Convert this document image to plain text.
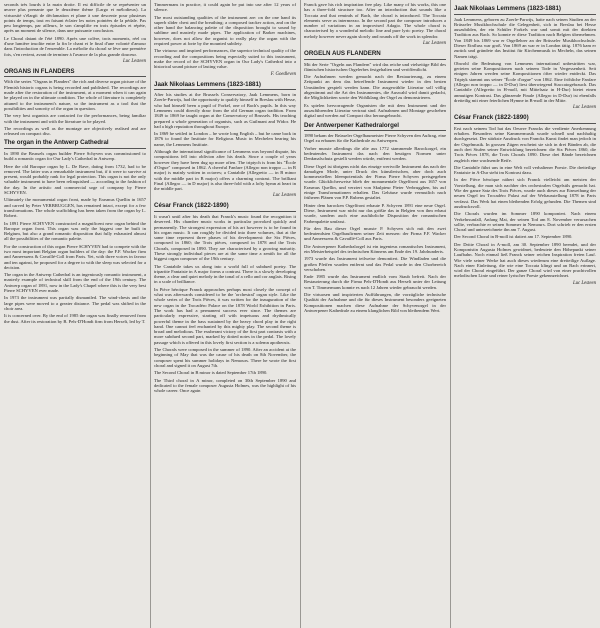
seconds très lourds à la main droite. Il est difficile de se représenter un œuvre plus prenante que le deuxième thème (Largo et mélodieux). La virtuosité s'élargit de déclamation et plane à une descente pour plusieurs points de temps, tout en faisant éclater les notes pointées de la pédale. Pas peu longtemps, par ailleurs, le son s'amplifie en trois épisodes et répète, après un moment de silence, dans une puissante conclusion.

Le Choral datant de l'été 1890. Après une colère, trois moments, réel ou d'une lumière insolite entre la fin le chant et le final d'une volonté d'amour dans l'introduction de l'ensemble. La mélodie du choral se lève une première fois, s'en revient, avant de terminer à l'avance de la plus grande douceur.

Luc Lesteen
ORGANS IN FLANDERS

With the series "Organs in Flanders" the rich and diverse organ picture of the Flemish historic organs is being recorded and published. The recordings are made after the restoration of the instrument, at a moment when it can again be played on in the ultimate condition. The whole of literature is completely attuned to the instrument's nature, so the instrument as a tool that the possibilities and sonority of the organ in question.

The very best organists are contacted for the performances, being familiar with the instrument and with the literature to be played.

The recordings as well as the montage are objectively realised and are released on compact disc.

The organ in the Antwerp Cathedral

In 1890 the Brussels organ builder Pierre Schyven was commissioned to build a romantic organ for Our Lady's Cathedral in Antwerp.

Here the old Baroque organ by L. De Rave, dating from 1732, had to be removed. The latter was a remarkable instrument but, if it were to survive at present, would probably rank for legal protection. This organ is not the only valuable instrument to have been relinquished — according to the fashion of the day. In the artistic and commercial urge of company by Pierre SCHYVEN.

Ultimately the monumental organ front, made by Erasmus Quellin in 1657 and carved by Peter VERBRUGGEN, has remained intact, except for a few transformations. The whole scaffolding has been taken from the organ by L. Robert.

In 1891 Pierre SCHYVEN constructed a magnificent new organ behind the Baroque organ front. This organ was only the biggest one he built in Belgium, but also a grand romantic disposition that fully exhausted almost all the possibilities of the romantic palette.

For the construction of this organ Pierre SCHYVEN had to compete with the two most important Belgian organ builders of the day: the F.F. Wacker firm and Anneessens & Cavaillé-Coll from Paris. Yet, with three voices in favour and ten against, he proposed for a degree to with the sleep was selected for a decision.

The organ in the Antwerp Cathedral is an ingeniously romantic instrument, a masterly example of technical skill from the end of the 19th century. The Antwerp organ of 1891, now in the Lady's Chapel where this is the very best Pierre SCHYVEN ever made.

In 1973 the instrument was partially dismantled. The wind-chests and the large pipes were moved to a greater distance. The pedal was shifted in the choir area.

It is concerned over. By the end of 1985 the organ was finally removed from the dust. After its restoration by B. Pels-D'Hondt firm from Herselt, led by T.

Timmermans in practice, it could again be put into use after 12 years of silence.

The most outstanding qualities of the instrument are: on the one hand its superb slider chest and the breathing; a composed tracker action, and on the other hand the balancing palette of the disposition brought to sound by sublime and masterly made pipes. The application of Barker machines, however, does not allow the organist to really play the organ with the required power at forte by the mounted subtlety.

The virtuoso and inspired performances, the superior technical quality of the recording and the compositions being especially suited to this instrument, make the record of the SCHYVEN organ in Our Lady's Cathedral into a historical sound picture of lasting value.

F. Goedleven
Jaak Nikolaas Lemmens (1823-1881)

After his studies at the Brussels Conservatory, Jaak Lemmens, born in Zoerle-Parwijs, had the opportunity to qualify himself in Breslau with Hesse, who had himself been a pupil of Forkel, one of Bach's pupils. In this way Lemmens could directly draw from the old German organ tradition. From 1849 to 1869 he taught organ at the Conservatory of Brussels. His teaching prepared a whole generation of organists, such as Guilmant and Widor. He had a high reputation throughout Europe.

In 1869 he settled in London – he wrote long English – but he came back in 1876 to found the Institute for Religious Music in Mechelen bearing his name, the Lemmens Institute.

Although the international significance of Lemmens was beyond dispute, his compositions fell into oblivion after his death. Since a couple of years however they have been dug up more often. The triptych is from his "École d'Orgue" composed in 1862. A cheerful Fanfare (Allegro non troppo — in B major) is mainly written in octaves; a Cantabile (Allegretto — in B minor with the middle part in B major) offers a charming contrast. The brilliant Final (Allegro — in D major) is also three-fold with a lofty hymn at heart in the middle part.

Luc Lesteen
César Franck (1822-1890)

It wasn't until after his death that Franck's music found the recognition it deserved. His chamber music works in particular provoked quickly and permanently. The strongest expression of his art however is to be found in his organ music. It can roughly be divided into three volumes, that at the same time represent three phases of his development: the Six Pièces, composed in 1860; the Trois pièces, composed in 1878 and the Trois Chorals, composed in 1890. They are characterised by a growing maturity. These strongly individual pieces are at the same time a zenith for all the biggest organ composer of the 19th century.

The Cantabile takes us along into a world full of subdued poetry. The tripartite Fantaisie in A major forms a contrast. There is a slowly developing theme, a clear and quiet melody in the tonal of a cello and cor anglais. Rising in a scale of brilliance.

In Pièce héroïque Franck approaches perhaps most closely the concept of what was afterwards considered to be the 'orchestral' organ style. Like the whole series of the Trois Pièces, it was written for the inauguration of the new organ in the Trocadéro Palace on the 1878 World Exhibition in Paris. The work has had a permanent success ever since. The themes are particularly expressive, starting off with impetuous and rhythmically powerful theme in the bass sustained by the heavy chord play in the right hand. One cannot feel enchanted by this mighty play. The second theme is broad and melodious. The exuberant victory of the first part contrasts with a more subdued second part, marked by dotted notes in the pedal. The lovely passage which is offered in this lovely first section is a solemn apotheosis.

The Chorals were composed in the summer of 1890. After an accident at the beginning of May that was the cause of his death on 8th November, the composer spent his summer holidays in Nemours. There he wrote the first choral and signed it on August 7th.

The Second Choral in B minor is dated September 17th 1890.

The Third choral in A minor, completed on 30th September 1890 and dedicated to the female composer Augusta Holmes, was the highlight of his whole career. Once again

Franck gave his rich inspiration free play. Like many of his works, this one has a three-fold structure too. After an introduction that sounds like a Toccata and that reminds of Bach, the choral is introduced. The Toccata elements serve as intermezzo. In the second part the composer introduces a number of variations in an improvised Adagio. The whole choral is characterised by a wonderful melodic line and pure lyric poetry. The choral melody however never again slowly and rounds off the work in splendor.

Luc Lesteen
ORGELN AUS FLANDERN

Mit der Serie "Orgeln aus Flandern" wird das reiche und vielseitige Bild des flämischen historischen Orgelerbes festgehalten und veröffentlicht.

Die Aufnahmen werden gemacht nach der Restaurierung, zu einem Zeitpunkt an dem das betreffende Instrument wieder in den besten Umständen gespielt werden kann. Die ausgewählte Literatur soll völlig abgestimmt auf die Art des Instrumentes, die Auswahl wird damit gedacht, die Möglichkeiten sowie den Wohlklang der Orgel zu demonstrieren.

Es spielen hervorragende Organisten die mit dem Instrument und der auszuführenden Literatur vertraut sind. Aufnahmen und Montage geschehen digital und werden auf Compact disc herausgebracht.

Der Antwerpener Kathedralorgel

1890 bekam der Brüsseler Orgelbaumeister Pierre Schyven den Auftrag, eine Orgel zu erbauen für die Kathedrale zu Antwerpen.

Vorher musste allerdings die alte aus 1772 stammende Barockorgel, ein bedeutendes Instrument das nach den heutigen Normen unter Denkmalschutz gestellt werden würde, entfernt werden.

Diese Orgel ist übrigens nicht das einzige wertvolle Instrument das nach der damaligen Mode, unter Druck des künstlerischen, aber doch auch kommerziellen Ideenpotentials der Firma Pierre Schyven preisgegeben wurde. Glücklicherweise blieb der monumentale Orgelfront aus 1657 von Erasmus Quellin, und verziert von Skulpteur Pieter Verbrugghen, bis auf einige Transformationen erhalten. Das Gehäuse wurde vermutlich nach früheren Plänen von P.P. Rubens gestaltet.

Hinter dem barocken Orgelfront erbaute P. Schyven 1891 eine neue Orgel. Diese, Instrument war nicht nur das größte das in Belgien von ihm erbaut wurde, sondern auch eine ausführliche Disposition der romantischen Farbenpalette umfasst.

Für den Bau dieser Orgel musste P. Schyven sich mit den zwei bedeutendsten Orgelbaufirmen seiner Zeit messen: der Firma F.F. Wacker und Anneessens & Cavaillé-Coll aus Paris.

Die Antwerpener Kathedralorgel ist ein ingenieus romantisches Instrument, ein Meisterbeispiel des technischen Könnens am Ende des 19. Jahrhunderts.

1973 wurde das Instrument teilweise demontiert. Die Windladen und die großen Pfeifen wurden entfernt und das Pedal wurde in den Chorbereich verschoben.

Ende 1985 wurde das Instrument endlich vom Staub befreit. Nach der Restaurierung durch die Firma Pels-D'Hondt aus Herselt unter der Leitung von T. Timmermans konnte es nach 12 Jahren wieder gebraucht werden.

Die virtuosen und inspirierten Aufführungen, die vorzügliche technische Qualität der Aufnahme und die für dieses Instrument besonders geeigneten Kompositionen machen diese Aufnahme der Schyvenorgel in der Antwerpener Kathedrale zu einem klanglichen Bild von bleibendem Wert.

Jaak Nikolaas Lemmens (1823-1881)

Jaak Lemmens, geboren zu Zoerle-Parwijs, hatte nach seinen Studien an der Brüsseler Musikhochschule die Gelegenheit, sich in Breslau bei Hesse auszubilden, der ein Schüler Forkels war und somit mit der direkten Tradition aus Bach. So konnte er diese Tradition nach Belgien übernehmen. Von 1849 bis 1869 war er Orgellehrer an der Brüsseler Musikhochschule. Dieser Einfluss war groß. Von 1869 an war er in London tätig. 1876 kam er zurück und gründete das Institut für Kirchenmusik in Mecheln, das seinen Namen trägt.

Obwohl die Bedeutung von Lemmens international unbestritten war, gerieten seine Kompositionen nach seinem Tode in Vergessenheit. Seit einigen Jahren werden seine Kompositionen öfter wieder entdeckt. Das Triptyk stammt aus seiner "École d'orgue" von 1862. Eine fröhliche Fanfare (Allegro non troppo — in D-Dur) liest überwiegend Staccatogebrauch. Das Cantabile (Allegretto in H-moll, mit Mittelsatz in H-Dur) bietet einen anmutigen Kontrast. Das glänzende Finale (Allegro in D-Dur) ist ebenfalls dreiteilig mit einer feierlichen Hymne in B-moll in der Mitte.

Luc Lesteen
César Franck (1822-1890)

Erst nach seinem Tod hat das Oeuvre Francks die verdiente Anerkennung erhalten. Besonders seine Kammermusik wurde schnell und nachhaltig durchgesetzt. Der stärkste Ausdruck von Francks Kunst findet man jedoch in der Orgelmusik. In grossen Zügen erscheint sie sich in drei Bänden ab, die auch drei Stufen seiner Entwicklung bezeichnen: die Six Pièces 1860, die Trois Pièces 1878, die Trois Chorals 1890. Diese drei Bände bezeichnen zugleich eine wachsende Reife.

Die Cantabile führt uns in eine Welt voll verhaltener Poesie. Die dreiteilige Fantaisie in A-Dur steht im Kontrast dazu.

In der Pièce héroïque nähert sich Franck vielleicht am meisten der Vorstellung, die man sich nachher des orchestralen Orgelstils gemacht hat. Wie der ganze Satz des Trois Pièces, wurde auch dieses zur Einweihung der neuen Orgel im Trocadéro Palast auf der Weltausstellung 1878 in Paris verfasst. Das Werk hat einen bleibenden Erfolg gefunden. Die Themen sind ausdrucksvoll.

Die Chorals wurden im Sommer 1890 komponiert. Nach einem Verkehrsunfall, Anfang Mai, der seinen Tod am 8. November verursachen sollte, verbrachte er seinen Sommer in Nemours. Dort schrieb er den ersten Choral und unterzeichnete ihn am 7. August.

Der Second Choral in B-moll ist datiert am 17. September 1890.

Der Dritte Choral in A-moll, am 30. September 1890 beendet, und der Komponistin Augusta Holmes gewidmet, bedeutete den Höhepunkt seiner Laufbahn. Noch einmal ließ Franck seiner reichen Inspiration freien Lauf. Wie viele seiner Werke hat auch dieses wiederum eine dreiteilige Auflage. Nach einer Einleitung, die wie eine Toccata klingt und an Bach erinnert, wird der Choral eingeführt. Der ganze Choral wird von einer prachtvollen melodischen Linie und reiner lyrischer Poesie gekennzeichnet.

Luc Lesteen
